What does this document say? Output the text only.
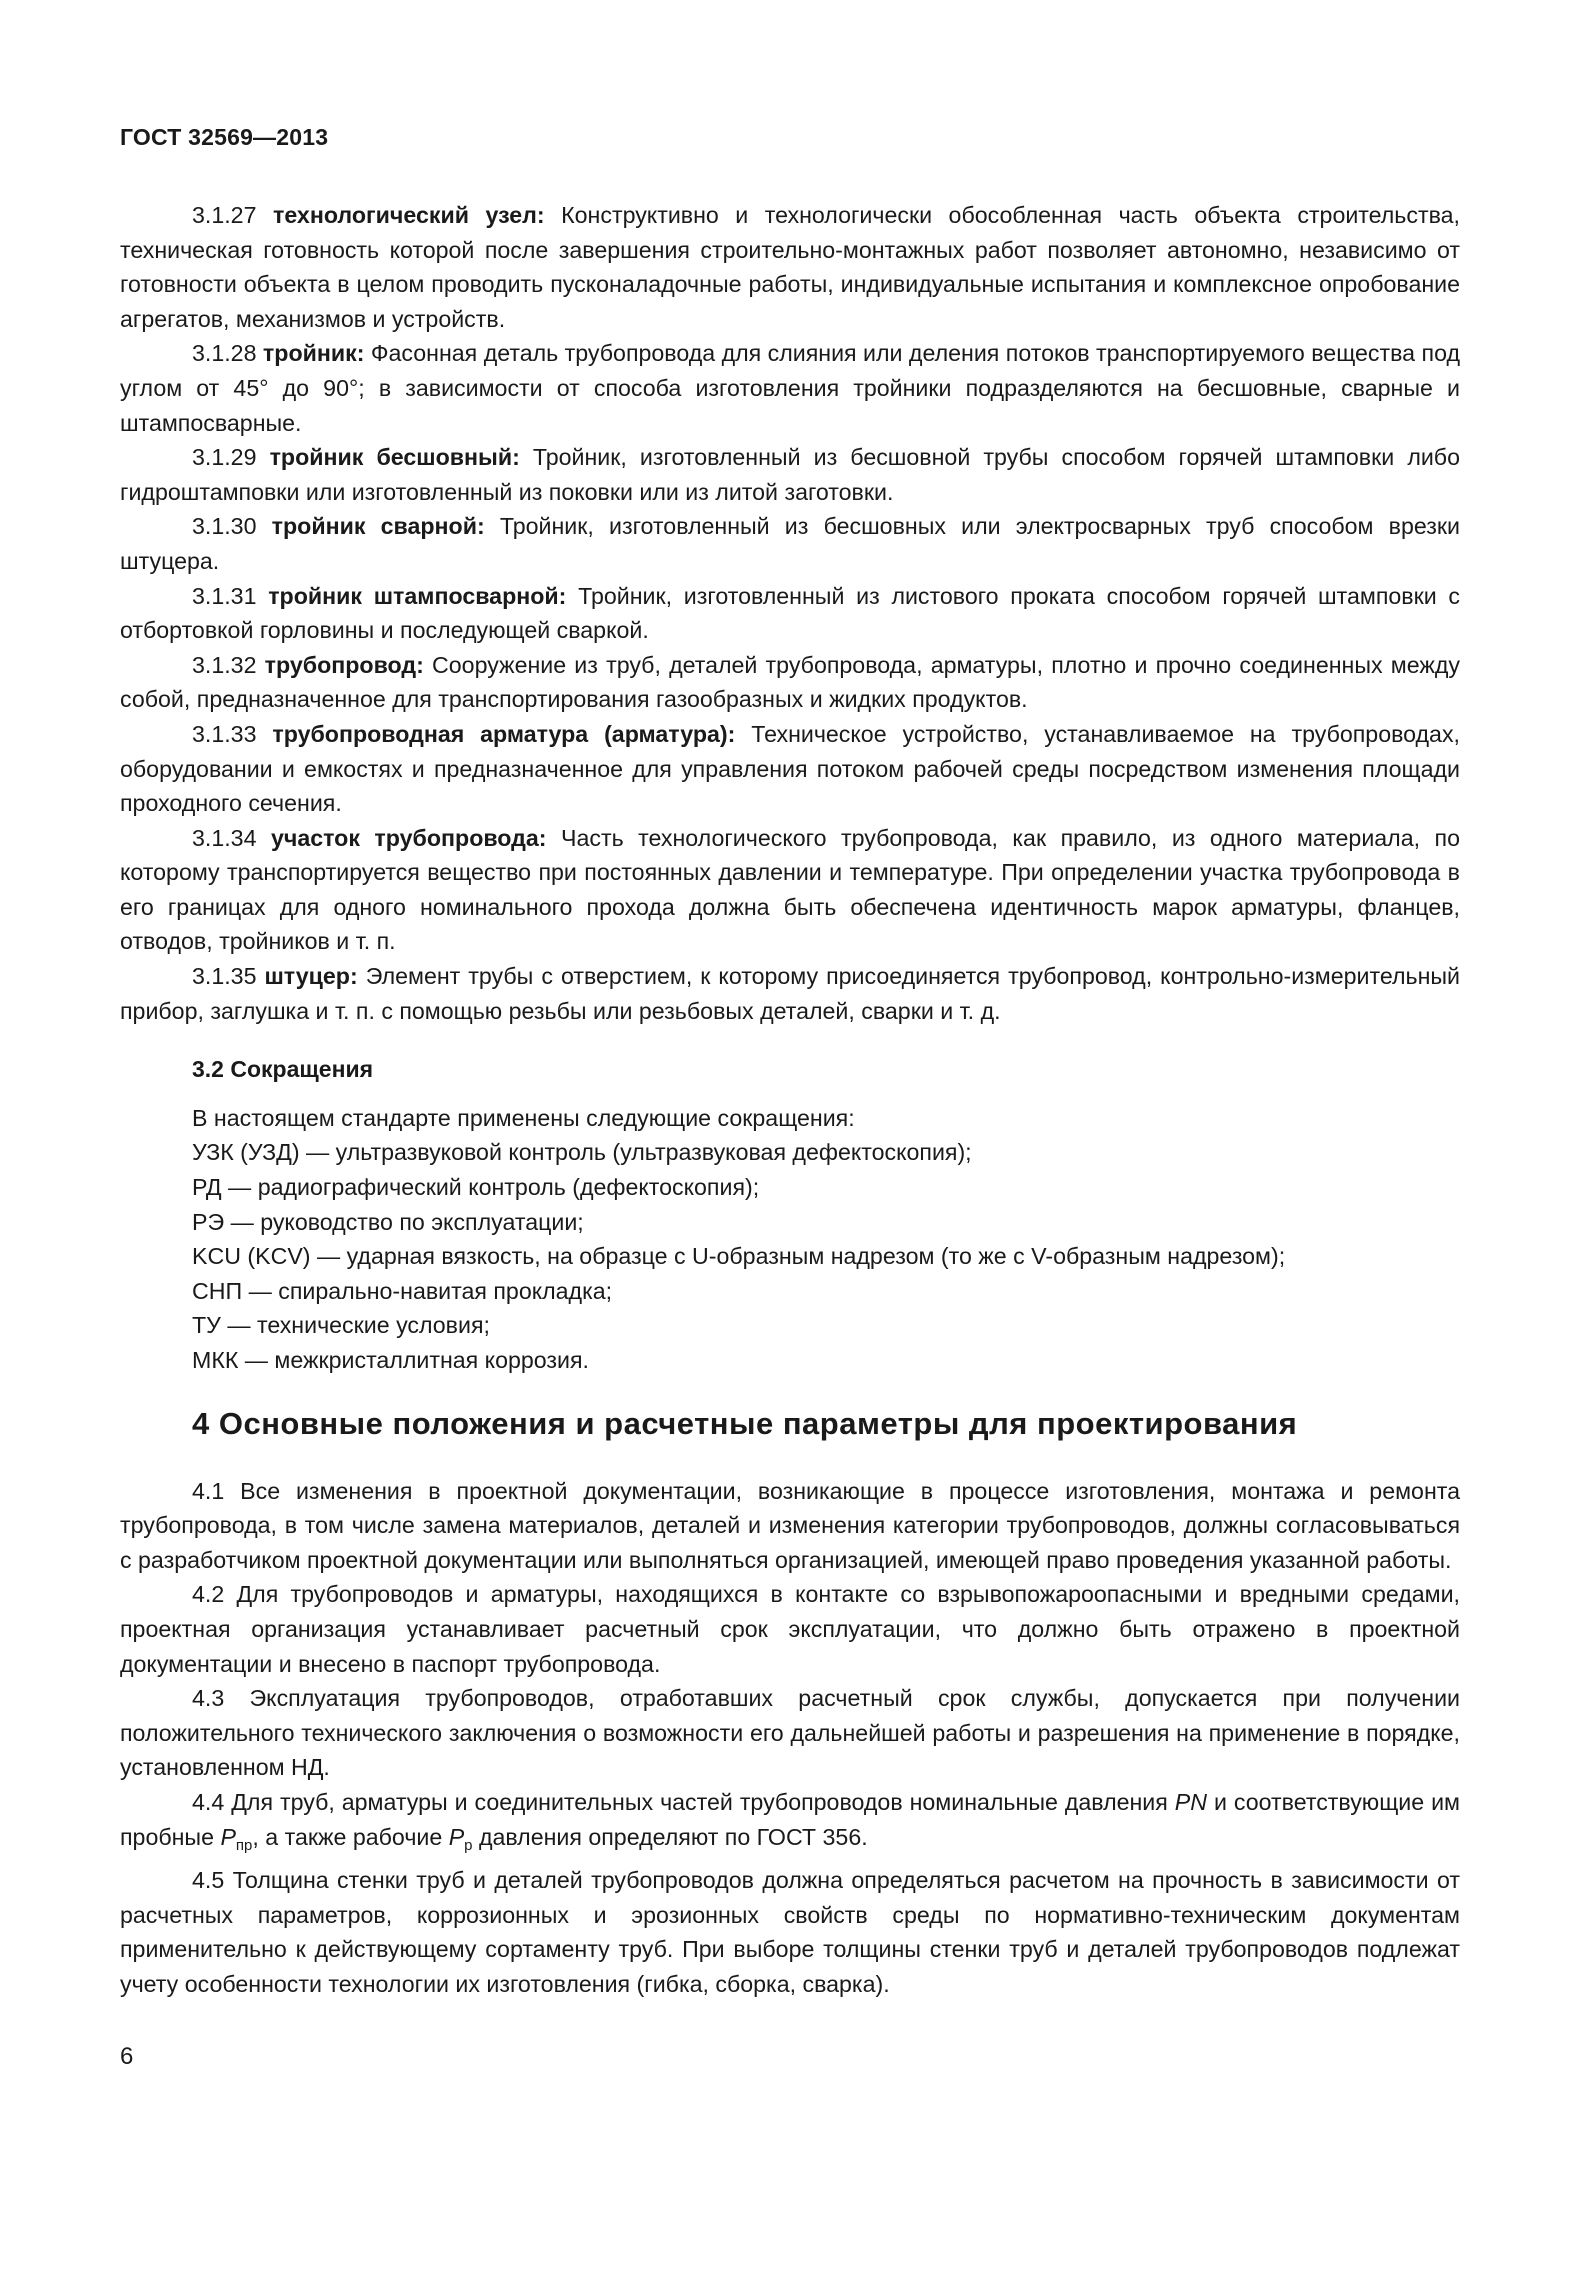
ГОСТ 32569—2013

3.1.27 технологический узел: Конструктивно и технологически обособленная часть объекта строительства, техническая готовность которой после завершения строительно-монтажных работ позволяет автономно, независимо от готовности объекта в целом проводить пусконаладочные работы, индивидуальные испытания и комплексное опробование агрегатов, механизмов и устройств.

3.1.28 тройник: Фасонная деталь трубопровода для слияния или деления потоков транспортируемого вещества под углом от 45° до 90°; в зависимости от способа изготовления тройники подразделяются на бесшовные, сварные и штампосварные.

3.1.29 тройник бесшовный: Тройник, изготовленный из бесшовной трубы способом горячей штамповки либо гидроштамповки или изготовленный из поковки или из литой заготовки.

3.1.30 тройник сварной: Тройник, изготовленный из бесшовных или электросварных труб способом врезки штуцера.

3.1.31 тройник штампосварной: Тройник, изготовленный из листового проката способом горячей штамповки с отбортовкой горловины и последующей сваркой.

3.1.32 трубопровод: Сооружение из труб, деталей трубопровода, арматуры, плотно и прочно соединенных между собой, предназначенное для транспортирования газообразных и жидких продуктов.

3.1.33 трубопроводная арматура (арматура): Техническое устройство, устанавливаемое на трубопроводах, оборудовании и емкостях и предназначенное для управления потоком рабочей среды посредством изменения площади проходного сечения.

3.1.34 участок трубопровода: Часть технологического трубопровода, как правило, из одного материала, по которому транспортируется вещество при постоянных давлении и температуре. При определении участка трубопровода в его границах для одного номинального прохода должна быть обеспечена идентичность марок арматуры, фланцев, отводов, тройников и т. п.

3.1.35 штуцер: Элемент трубы с отверстием, к которому присоединяется трубопровод, контрольно-измерительный прибор, заглушка и т. п. с помощью резьбы или резьбовых деталей, сварки и т. д.

3.2 Сокращения
В настоящем стандарте применены следующие сокращения:
УЗК (УЗД) — ультразвуковой контроль (ультразвуковая дефектоскопия);
РД — радиографический контроль (дефектоскопия);
РЭ — руководство по эксплуатации;
KCU (KCV) — ударная вязкость, на образце с U-образным надрезом (то же с V-образным надрезом);
СНП — спирально-навитая прокладка;
ТУ — технические условия;
МКК — межкристаллитная коррозия.
4 Основные положения и расчетные параметры для проектирования

4.1 Все изменения в проектной документации, возникающие в процессе изготовления, монтажа и ремонта трубопровода, в том числе замена материалов, деталей и изменения категории трубопроводов, должны согласовываться с разработчиком проектной документации или выполняться организацией, имеющей право проведения указанной работы.

4.2 Для трубопроводов и арматуры, находящихся в контакте со взрывопожароопасными и вредными средами, проектная организация устанавливает расчетный срок эксплуатации, что должно быть отражено в проектной документации и внесено в паспорт трубопровода.

4.3 Эксплуатация трубопроводов, отработавших расчетный срок службы, допускается при получении положительного технического заключения о возможности его дальнейшей работы и разрешения на применение в порядке, установленном НД.

4.4 Для труб, арматуры и соединительных частей трубопроводов номинальные давления PN и соответствующие им пробные $P_{пр}$, а также рабочие $P_р$ давления определяют по ГОСТ 356.

4.5 Толщина стенки труб и деталей трубопроводов должна определяться расчетом на прочность в зависимости от расчетных параметров, коррозионных и эрозионных свойств среды по нормативно-техническим документам применительно к действующему сортаменту труб. При выборе толщины стенки труб и деталей трубопроводов подлежат учету особенности технологии их изготовления (гибка, сборка, сварка).

6
